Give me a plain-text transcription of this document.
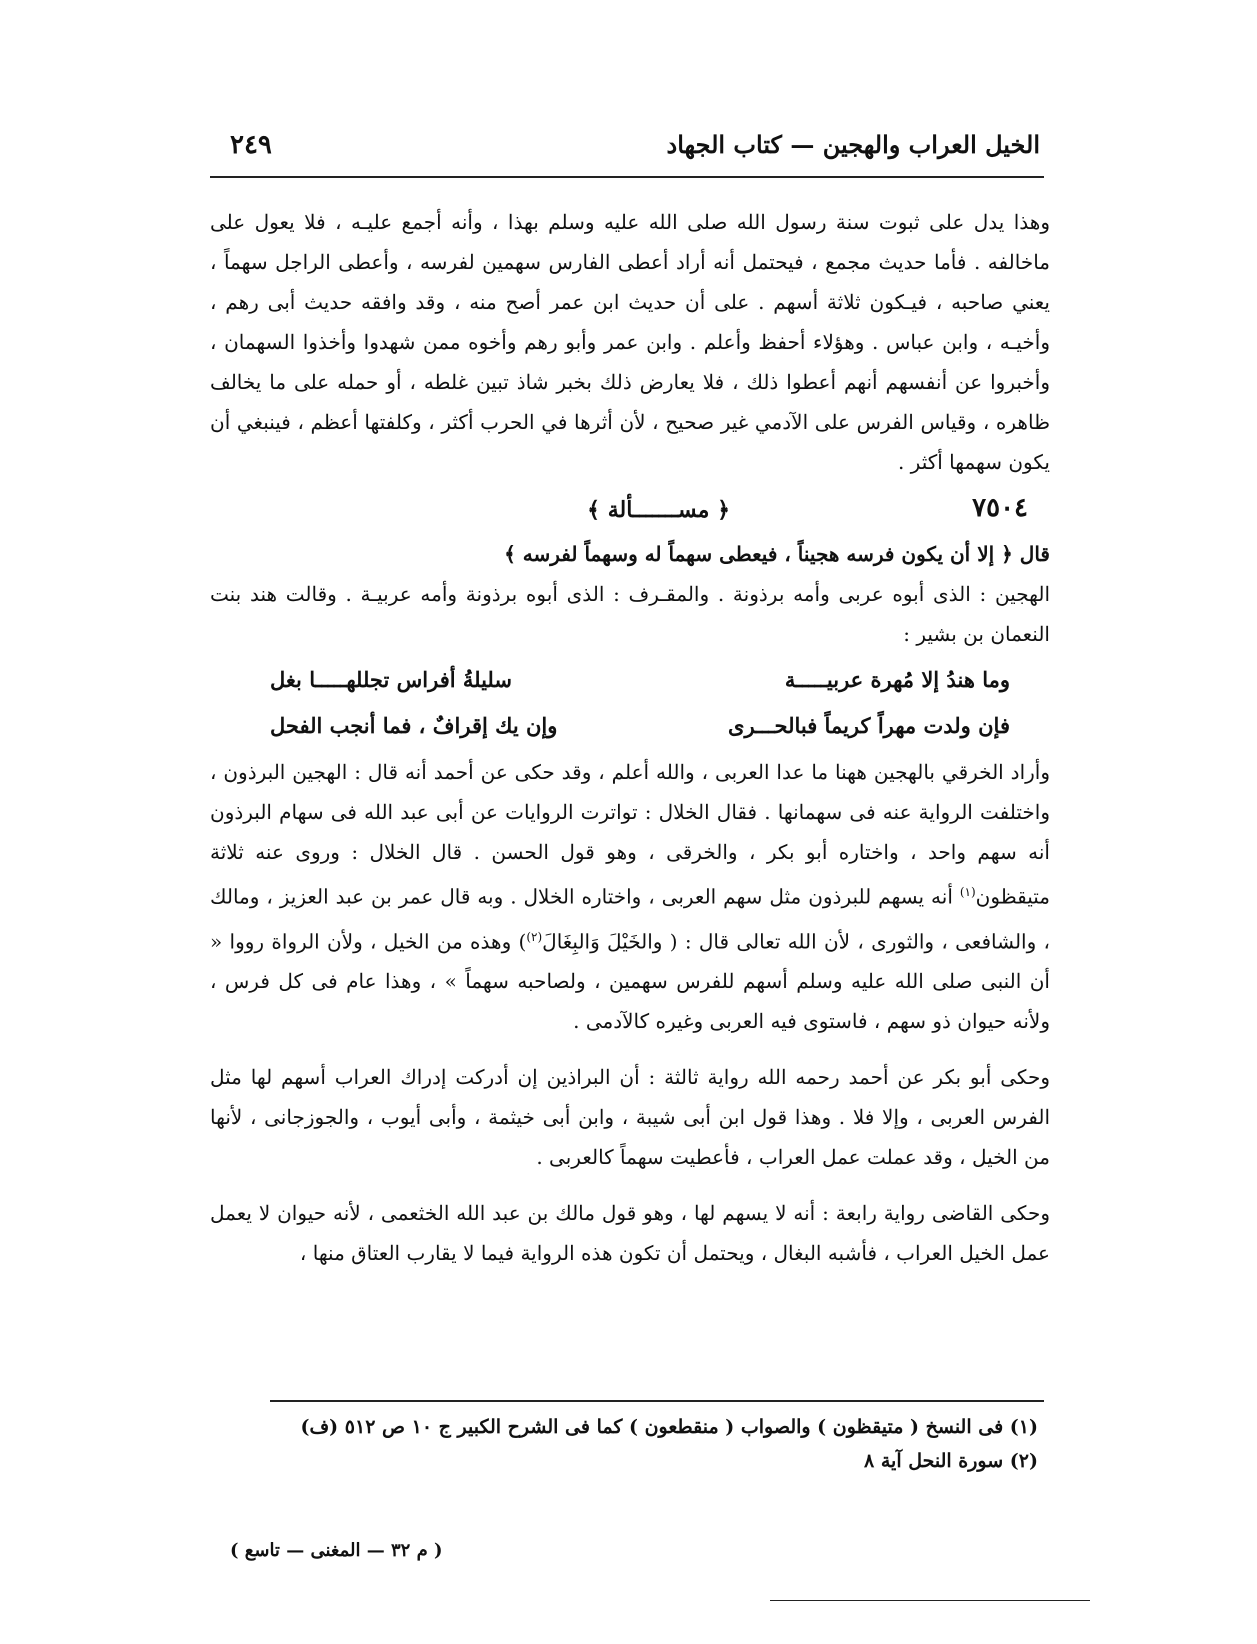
الخيل العراب والهجين — كتاب الجهاد
٢٤٩

وهذا يدل على ثبوت سنة رسول الله صلى الله عليه وسلم بهذا ، وأنه أجمع عليـه ، فلا يعول على ماخالفه . فأما حديث مجمع ، فيحتمل أنه أراد أعطى الفارس سهمين لفرسه ، وأعطى الراجل سهماً ، يعني صاحبه ، فيـكون ثلاثة أسهم . على أن حديث ابن عمر أصح منه ، وقد وافقه حديث أبى رهم ، وأخيـه ، وابن عباس . وهؤلاء أحفظ وأعلم . وابن عمر وأبو رهم وأخوه ممن شهدوا وأخذوا السهمان ، وأخبروا عن أنفسهم أنهم أعطوا ذلك ، فلا يعارض ذلك بخبر شاذ تبين غلطه ، أو حمله على ما يخالف ظاهره ، وقياس الفرس على الآدمي غير صحيح ، لأن أثرها في الحرب أكثر ، وكلفتها أعظم ، فينبغي أن يكون سهمها أكثر .

٧٥٠٤
﴿ مســـــــألة ﴾

قال ﴿ إلا أن يكون فرسه هجيناً ، فيعطى سهماً له وسهماً لفرسه ﴾

الهجين : الذى أبوه عربى وأمه برذونة . والمقـرف : الذى أبوه برذونة وأمه عربيـة . وقالت هند بنت النعمان بن بشير :

وما هندُ إلا مُهرة عربيـــــة
سليلةُ أفراس تجللهـــــا بغل
فإن ولدت مهراً كريماً فبالحـــرى
وإن يك إقرافٌ ، فما أنجب الفحل

وأراد الخرقي بالهجين ههنا ما عدا العربى ، والله أعلم ، وقد حكى عن أحمد أنه قال : الهجين البرذون ، واختلفت الرواية عنه فى سهمانها . فقال الخلال : تواترت الروايات عن أبى عبد الله فى سهام البرذون أنه سهم واحد ، واختاره أبو بكر ، والخرقى ، وهو قول الحسن . قال الخلال : وروى عنه ثلاثة متيقظون$^{(١)}$ أنه يسهم للبرذون مثل سهم العربى ، واختاره الخلال . وبه قال عمر بن عبد العزيز ، ومالك ، والشافعى ، والثورى ، لأن الله تعالى قال : ( والخَيْلَ وَالبِغَالَ$^{(٢)}$) وهذه من الخيل ، ولأن الرواة رووا « أن النبى صلى الله عليه وسلم أسهم للفرس سهمين ، ولصاحبه سهماً » ، وهذا عام فى كل فرس ، ولأنه حيوان ذو سهم ، فاستوى فيه العربى وغيره كالآدمى .

وحكى أبو بكر عن أحمد رحمه الله رواية ثالثة : أن البراذين إن أدركت إدراك العراب أسهم لها مثل الفرس العربى ، وإلا فلا . وهذا قول ابن أبى شيبة ، وابن أبى خيثمة ، وأبى أيوب ، والجوزجانى ، لأنها من الخيل ، وقد عملت عمل العراب ، فأعطيت سهماً كالعربى .

وحكى القاضى رواية رابعة : أنه لا يسهم لها ، وهو قول مالك بن عبد الله الخثعمى ، لأنه حيوان لا يعمل عمل الخيل العراب ، فأشبه البغال ، ويحتمل أن تكون هذه الرواية فيما لا يقارب العتاق منها ،

(١) فى النسخ ( متيقظون ) والصواب ( منقطعون ) كما فى الشرح الكبير ج ١٠ ص ٥١٢ (ف)

(٢) سورة النحل آية ٨

( م ٣٢ — المغنى — تاسع )
